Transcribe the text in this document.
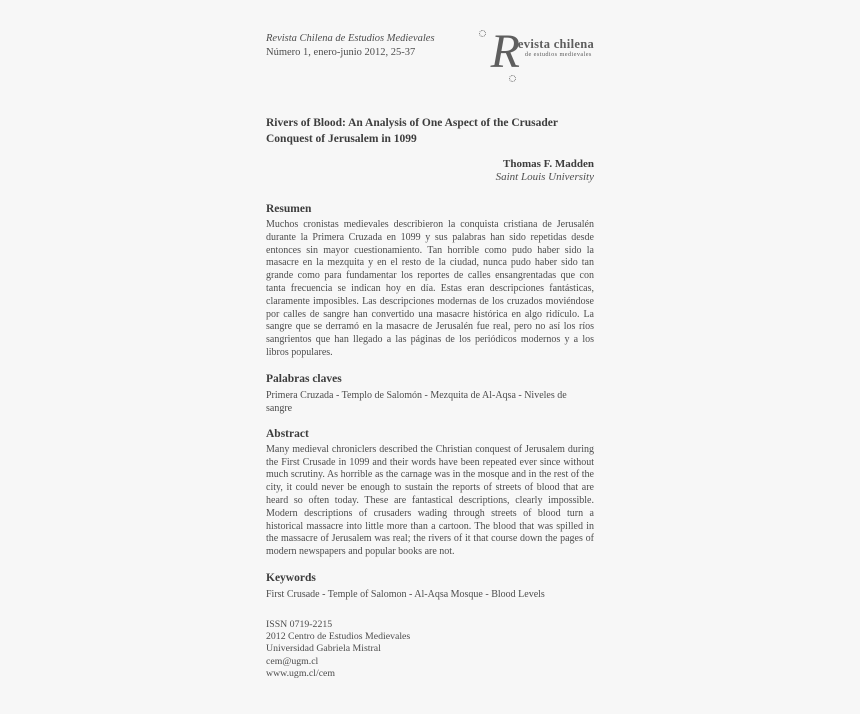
Revista Chilena de Estudios Medievales
Número 1, enero-junio 2012, 25-37	R evista chilena
de estudios medievales
Rivers of Blood: An Analysis of One Aspect of the Crusader Conquest of Jerusalem in 1099
Thomas F. Madden
Saint Louis University
Resumen

Muchos cronistas medievales describieron la conquista cristiana de Jerusalén durante la Primera Cruzada en 1099 y sus palabras han sido repetidas desde entonces sin mayor cuestionamiento. Tan horrible como pudo haber sido la masacre en la mezquita y en el resto de la ciudad, nunca pudo haber sido tan grande como para fundamentar los reportes de calles ensangrentadas que con tanta frecuencia se indican hoy en día. Estas eran descripciones fantásticas, claramente imposibles. Las descripciones modernas de los cruzados moviéndose por calles de sangre han convertido una masacre histórica en algo ridículo. La sangre que se derramó en la masacre de Jerusalén fue real, pero no así los ríos sangrientos que han llegado a las páginas de los periódicos modernos y a los libros populares.

Palabras claves

Primera Cruzada - Templo de Salomón - Mezquita de Al-Aqsa - Niveles de sangre

Abstract

Many medieval chroniclers described the Christian conquest of Jerusalem during the First Crusade in 1099 and their words have been repeated ever since without much scrutiny. As horrible as the carnage was in the mosque and in the rest of the city, it could never be enough to sustain the reports of streets of blood that are heard so often today. These are fantastical descriptions, clearly impossible. Modern descriptions of crusaders wading through streets of blood turn a historical massacre into little more than a cartoon. The blood that was spilled in the massacre of Jerusalem was real; the rivers of it that course down the pages of modern newspapers and popular books are not.

Keywords

First Crusade - Temple of Salomon - Al-Aqsa Mosque - Blood Levels

ISSN 0719-2215
2012 Centro de Estudios Medievales
Universidad Gabriela Mistral
cem@ugm.cl
www.ugm.cl/cem
